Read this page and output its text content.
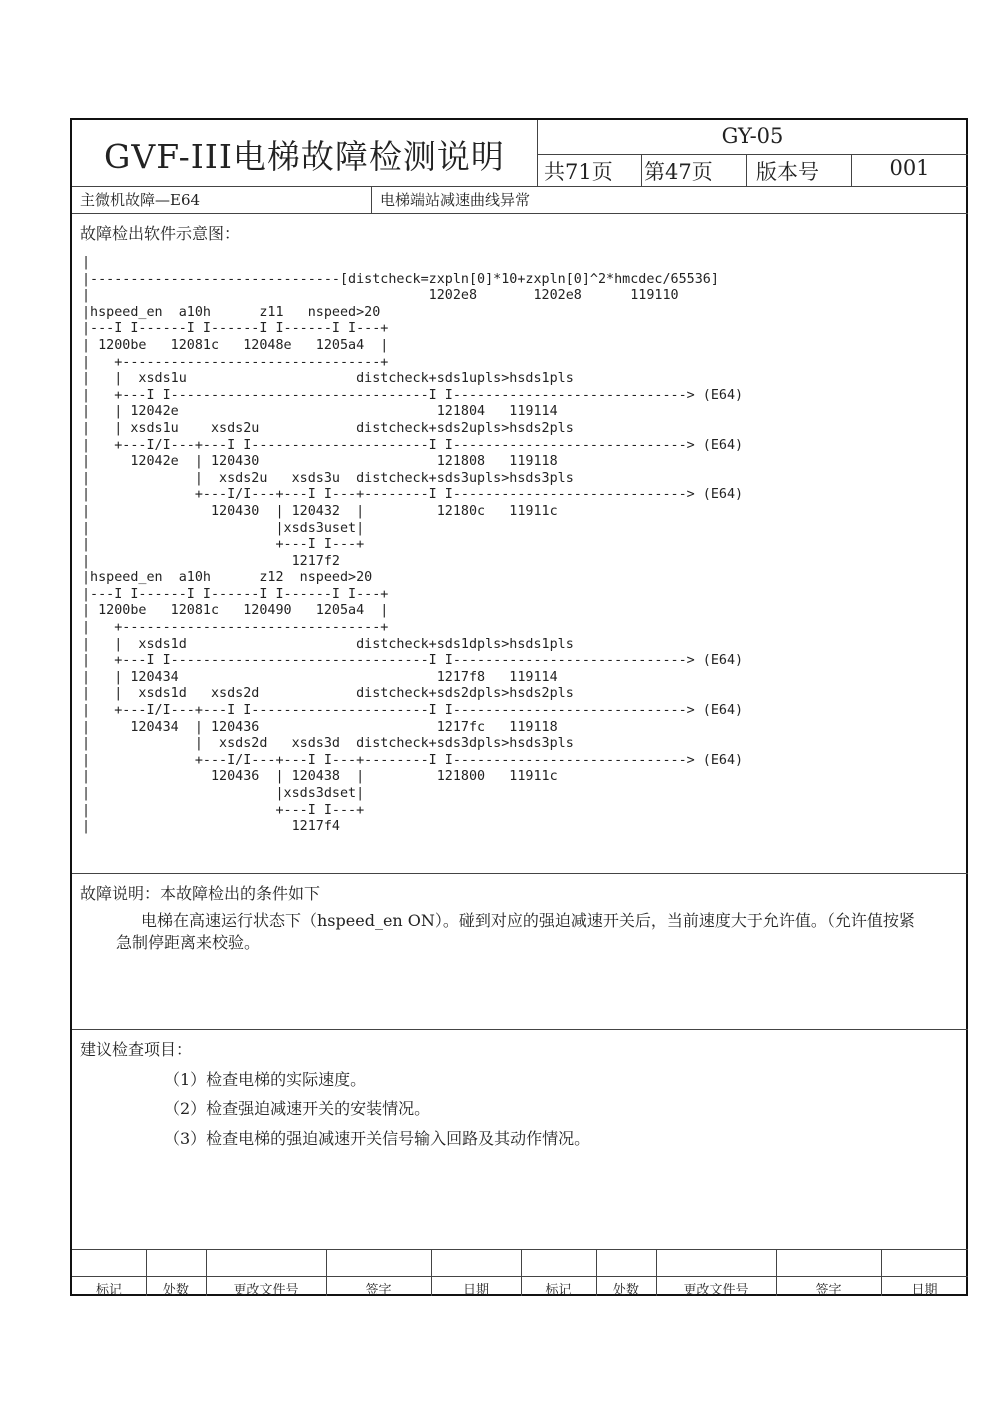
GVF-III电梯故障检测说明
GY-05
共71页 第47页 版本号	001
主微机故障—E64	电梯端站减速曲线异常
故障检出软件示意图：
|
|-------------------------------[distcheck=zxpln[0]*10+zxpln[0]^2*hmcdec/65536]
|                                          1202e8       1202e8      119110
|hspeed_en  a10h      z11   nspeed>20
|---I I------I I------I I------I I---+
| 1200be   12081c   12048e   1205a4  |
|   +--------------------------------+
|   |  xsds1u                     distcheck+sds1upls>hsds1pls
|   +---I I--------------------------------I I-----------------------------> (E64)
|   | 12042e                                121804   119114
|   | xsds1u    xsds2u            distcheck+sds2upls>hsds2pls
|   +---I/I---+---I I----------------------I I-----------------------------> (E64)
|     12042e  | 120430                      121808   119118
|             |  xsds2u   xsds3u  distcheck+sds3upls>hsds3pls
|             +---I/I---+---I I---+--------I I-----------------------------> (E64)
|               120430  | 120432  |         12180c   11911c
|                       |xsds3uset|
|                       +---I I---+
|                         1217f2
|hspeed_en  a10h      z12  nspeed>20
|---I I------I I------I I------I I---+
| 1200be   12081c   120490   1205a4  |
|   +--------------------------------+
|   |  xsds1d                     distcheck+sds1dpls>hsds1pls
|   +---I I--------------------------------I I-----------------------------> (E64)
|   | 120434                                1217f8   119114
|   |  xsds1d   xsds2d            distcheck+sds2dpls>hsds2pls
|   +---I/I---+---I I----------------------I I-----------------------------> (E64)
|     120434  | 120436                      1217fc   119118
|             |  xsds2d   xsds3d  distcheck+sds3dpls>hsds3pls
|             +---I/I---+---I I---+--------I I-----------------------------> (E64)
|               120436  | 120438  |         121800   11911c
|                       |xsds3dset|
|                       +---I I---+
|                         1217f4
故障说明：本故障检出的条件如下
电梯在高速运行状态下（hspeed_en ON）。碰到对应的强迫减速开关后，当前速度大于允许值。（允许值按紧
急制停距离来校验。
建议检查项目：
（1）检查电梯的实际速度。
（2）检查强迫减速开关的安装情况。
（3）检查电梯的强迫减速开关信号输入回路及其动作情况。
标记	处数	更改文件号	签字	日期	标记	处数	更改文件号	签字	日期
